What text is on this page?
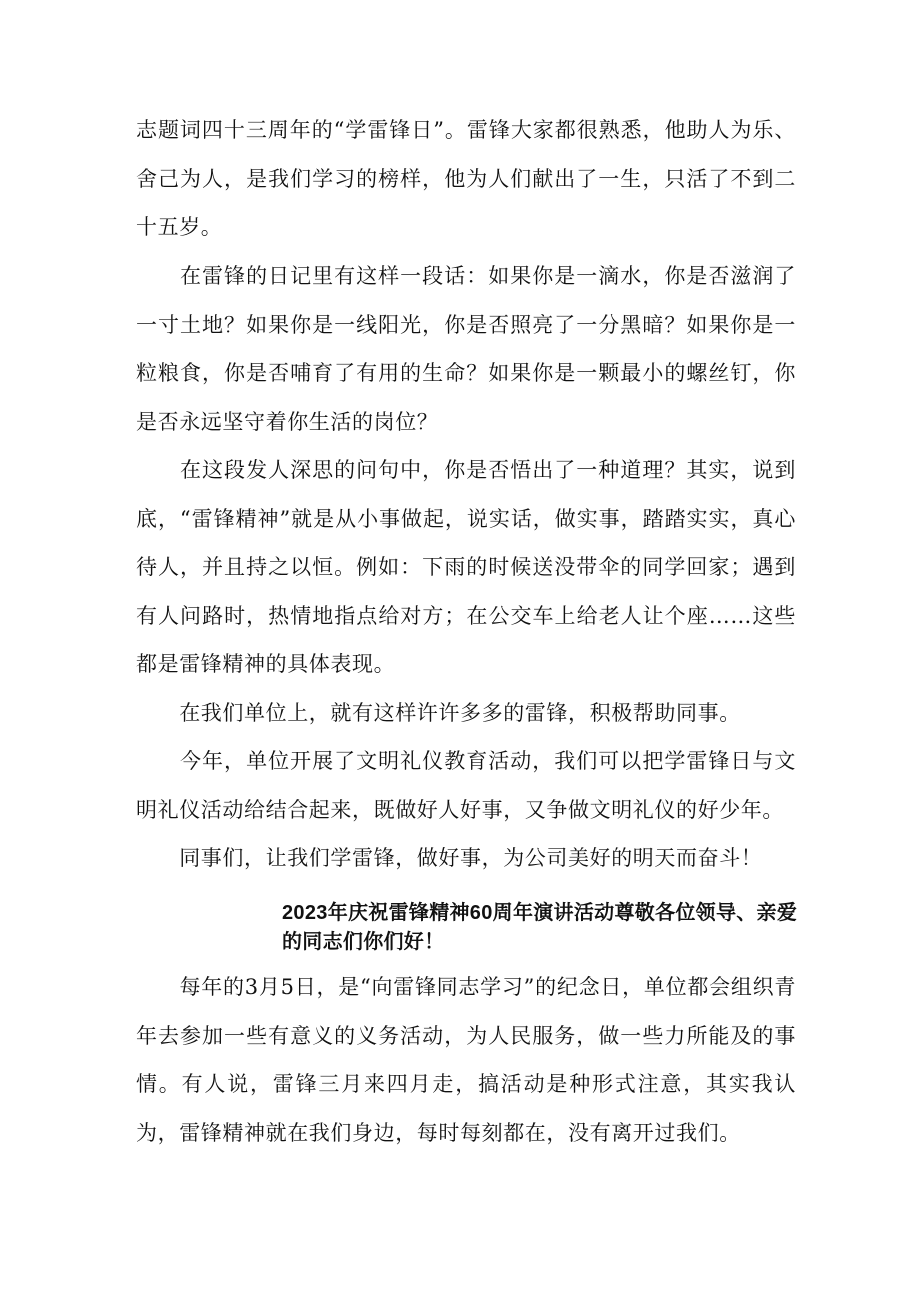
志题词四十三周年的“学雷锋日”。雷锋大家都很熟悉，他助人为乐、舍己为人，是我们学习的榜样，他为人们献出了一生，只活了不到二十五岁。

　　在雷锋的日记里有这样一段话：如果你是一滴水，你是否滋润了一寸土地？如果你是一线阳光，你是否照亮了一分黑暗？如果你是一粒粮食，你是否哺育了有用的生命？如果你是一颗最小的螺丝钉，你是否永远坚守着你生活的岗位？

　　在这段发人深思的问句中，你是否悟出了一种道理？其实，说到底，“雷锋精神”就是从小事做起，说实话，做实事，踏踏实实，真心待人，并且持之以恒。例如：下雨的时候送没带伞的同学回家；遇到有人问路时，热情地指点给对方；在公交车上给老人让个座……这些都是雷锋精神的具体表现。

　　在我们单位上，就有这样许许多多的雷锋，积极帮助同事。

　　今年，单位开展了文明礼仪教育活动，我们可以把学雷锋日与文明礼仪活动给结合起来，既做好人好事，又争做文明礼仪的好少年。

　　同事们，让我们学雷锋，做好事，为公司美好的明天而奋斗！

2023年庆祝雷锋精神60周年演讲活动尊敬各位领导、亲爱的同志们你们好！

　　每年的3月5日，是“向雷锋同志学习”的纪念日，单位都会组织青年去参加一些有意义的义务活动，为人民服务，做一些力所能及的事情。有人说，雷锋三月来四月走，搞活动是种形式注意，其实我认为，雷锋精神就在我们身边，每时每刻都在，没有离开过我们。
